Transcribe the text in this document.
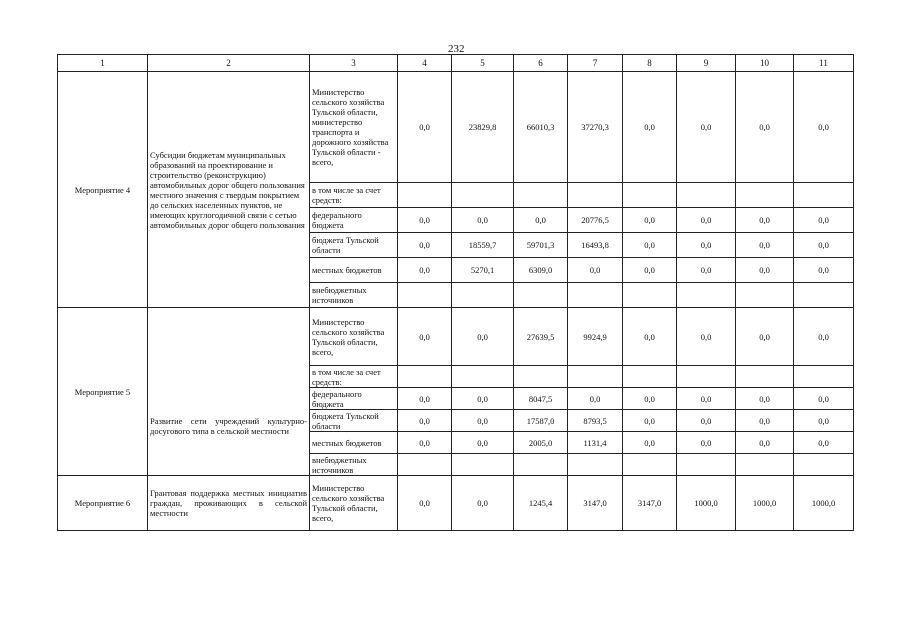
232
1	2	3	4	5	6	7	8	9	10	11
Мероприятие 4	Субсидии бюджетам муниципальных образований на проектирование и строительство (реконструкцию) автомобильных дорог общего пользования местного значения с твердым покрытием до сельских населенных пунктов, не имеющих круглогодичной связи с сетью автомобильных дорог общего пользования	Министерство сельского хозяйства Тульской области, министерство транспорта и дорожного хозяйства Тульской области - всего,	0,0	23829,8	66010,3	37270,3	0,0	0,0	0,0	0,0
		в том числе за счет средств:								
		федерального бюджета	0,0	0,0	0,0	20776,5	0,0	0,0	0,0	0,0
		бюджета Тульской области	0,0	18559,7	59701,3	16493,8	0,0	0,0	0,0	0,0
		местных бюджетов	0,0	5270,1	6309,0	0,0	0,0	0,0	0,0	0,0
		внебюджетных источников								
Мероприятие 5	Развитие сети учреждений культурно-досугового типа в сельской местности	Министерство сельского хозяйства Тульской области, всего,	0,0	0,0	27639,5	9924,9	0,0	0,0	0,0	0,0
		в том числе за счет средств:								
		федерального бюджета	0,0	0,0	8047,5	0,0	0,0	0,0	0,0	0,0
		бюджета Тульской области	0,0	0,0	17587,0	8793,5	0,0	0,0	0,0	0,0
		местных бюджетов	0,0	0,0	2005,0	1131,4	0,0	0,0	0,0	0,0
		внебюджетных источников								
Мероприятие 6	Грантовая поддержка местных инициатив граждан, проживающих в сельской местности	Министерство сельского хозяйства Тульской области, всего,	0,0	0,0	1245,4	3147,0	3147,0	1000,0	1000,0	1000,0
